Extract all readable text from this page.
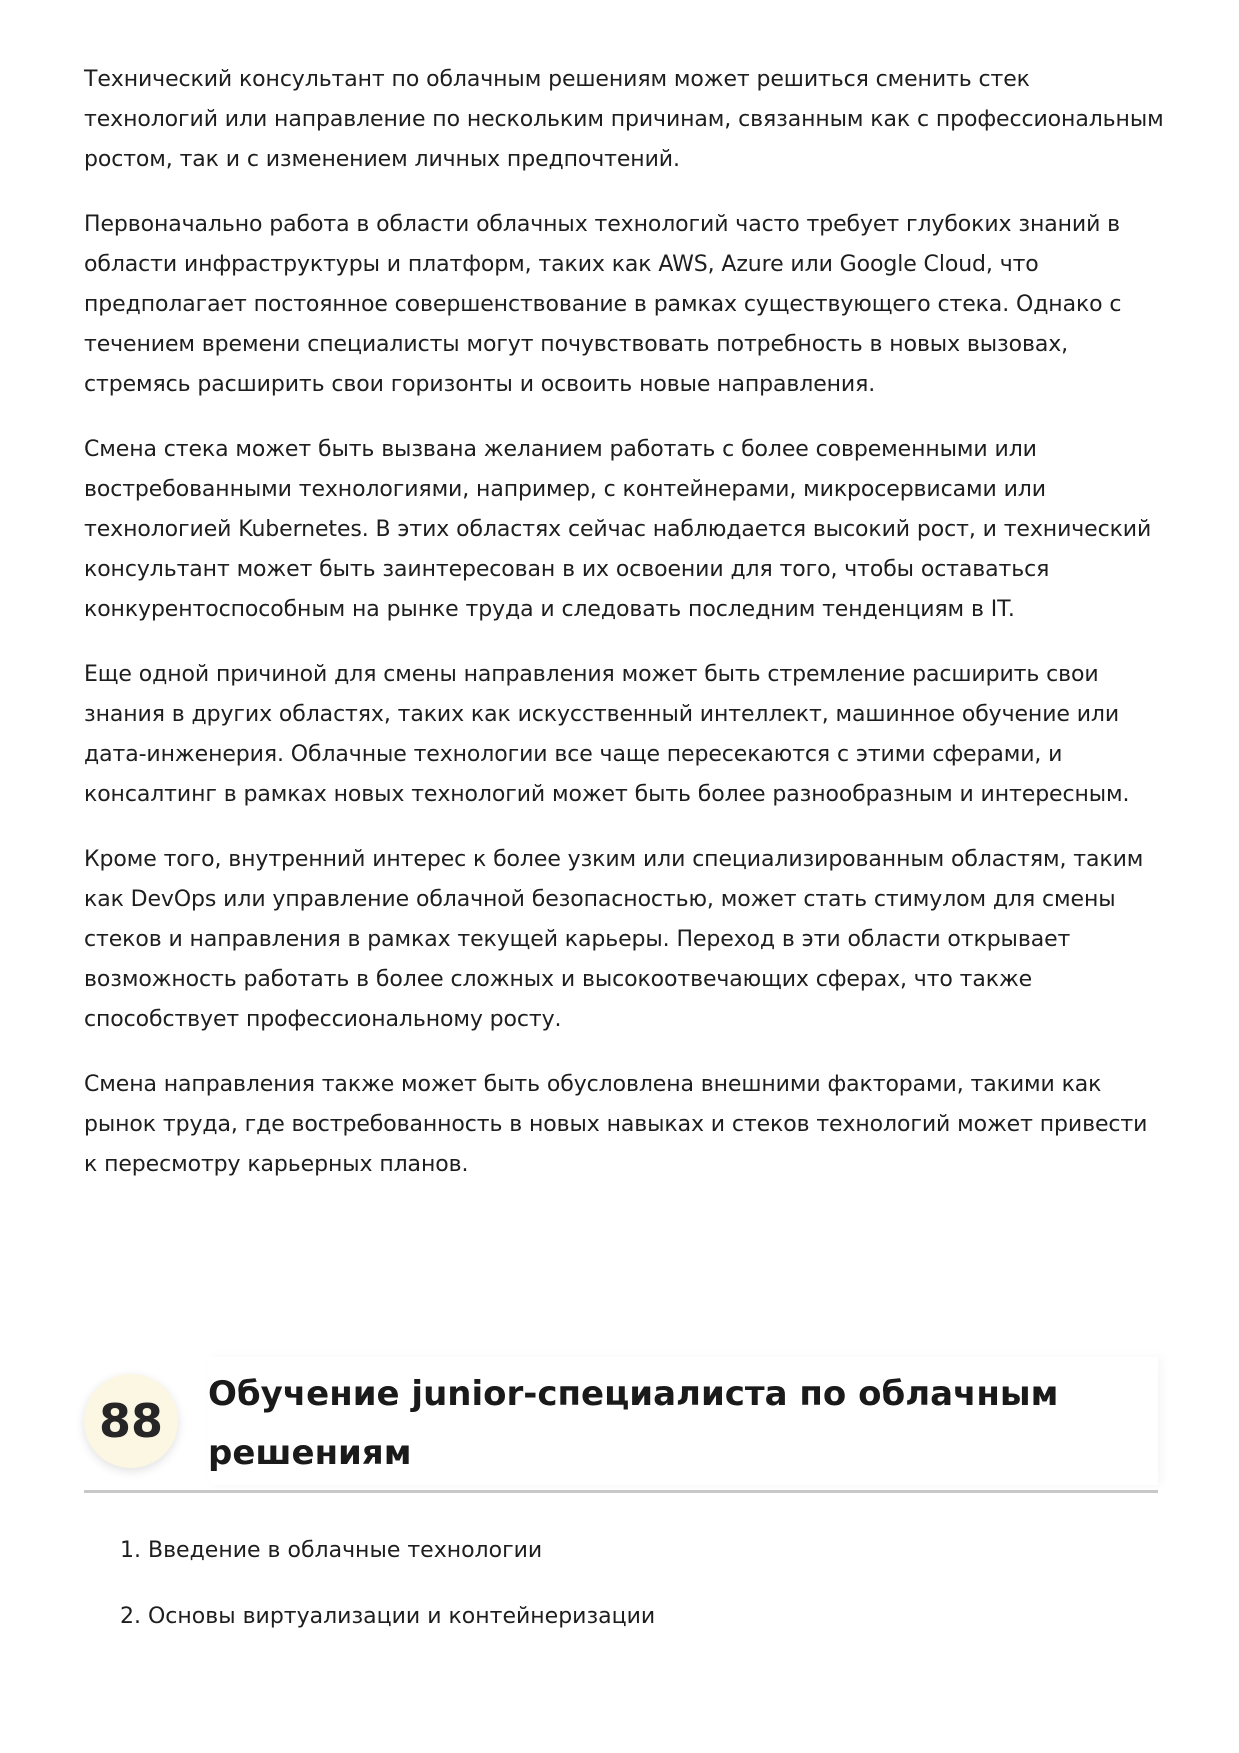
Технический консультант по облачным решениям может решиться сменить стек технологий или направление по нескольким причинам, связанным как с профессиональным ростом, так и с изменением личных предпочтений.

Первоначально работа в области облачных технологий часто требует глубоких знаний в области инфраструктуры и платформ, таких как AWS, Azure или Google Cloud, что предполагает постоянное совершенствование в рамках существующего стека. Однако с течением времени специалисты могут почувствовать потребность в новых вызовах, стремясь расширить свои горизонты и освоить новые направления.

Смена стека может быть вызвана желанием работать с более современными или востребованными технологиями, например, с контейнерами, микросервисами или технологией Kubernetes. В этих областях сейчас наблюдается высокий рост, и технический консультант может быть заинтересован в их освоении для того, чтобы оставаться конкурентоспособным на рынке труда и следовать последним тенденциям в IT.

Еще одной причиной для смены направления может быть стремление расширить свои знания в других областях, таких как искусственный интеллект, машинное обучение или дата-инженерия. Облачные технологии все чаще пересекаются с этими сферами, и консалтинг в рамках новых технологий может быть более разнообразным и интересным.

Кроме того, внутренний интерес к более узким или специализированным областям, таким как DevOps или управление облачной безопасностью, может стать стимулом для смены стеков и направления в рамках текущей карьеры. Переход в эти области открывает возможность работать в более сложных и высокоотвечающих сферах, что также способствует профессиональному росту.

Смена направления также может быть обусловлена внешними факторами, такими как рынок труда, где востребованность в новых навыках и стеков технологий может привести к пересмотру карьерных планов.

88	Обучение junior-специалиста по облачным решениям
1. Введение в облачные технологии
2. Основы виртуализации и контейнеризации
